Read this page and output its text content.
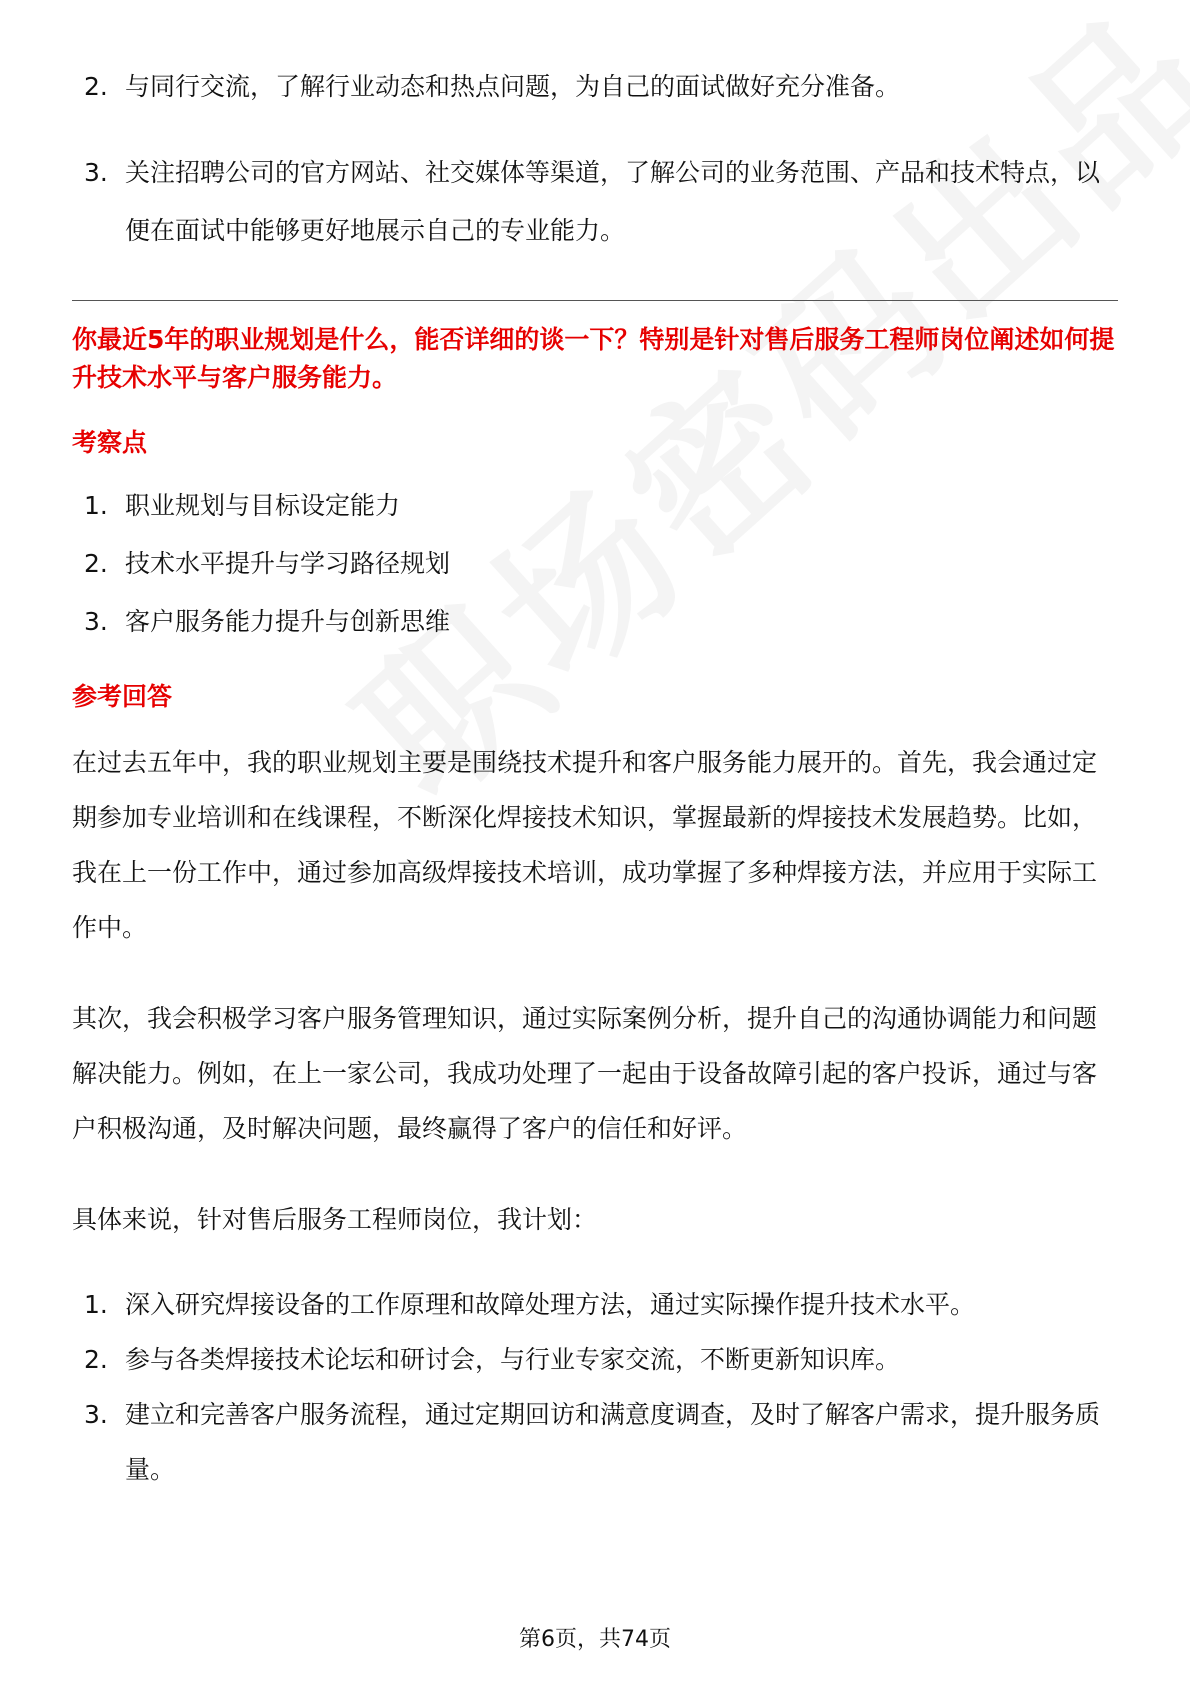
2. 与同行交流，了解行业动态和热点问题，为自己的面试做好充分准备。
3. 关注招聘公司的官方网站、社交媒体等渠道，了解公司的业务范围、产品和技术特点，以便在面试中能够更好地展示自己的专业能力。

你最近5年的职业规划是什么，能否详细的谈一下？特别是针对售后服务工程师岗位阐述如何提升技术水平与客户服务能力。

考察点
1. 职业规划与目标设定能力
2. 技术水平提升与学习路径规划
3. 客户服务能力提升与创新思维
参考回答

在过去五年中，我的职业规划主要是围绕技术提升和客户服务能力展开的。首先，我会通过定期参加专业培训和在线课程，不断深化焊接技术知识，掌握最新的焊接技术发展趋势。比如，我在上一份工作中，通过参加高级焊接技术培训，成功掌握了多种焊接方法，并应用于实际工作中。

其次，我会积极学习客户服务管理知识，通过实际案例分析，提升自己的沟通协调能力和问题解决能力。例如，在上一家公司，我成功处理了一起由于设备故障引起的客户投诉，通过与客户积极沟通，及时解决问题，最终赢得了客户的信任和好评。

具体来说，针对售后服务工程师岗位，我计划：

1. 深入研究焊接设备的工作原理和故障处理方法，通过实际操作提升技术水平。
2. 参与各类焊接技术论坛和研讨会，与行业专家交流，不断更新知识库。
3. 建立和完善客户服务流程，通过定期回访和满意度调查，及时了解客户需求，提升服务质量。
第6页，共74页
